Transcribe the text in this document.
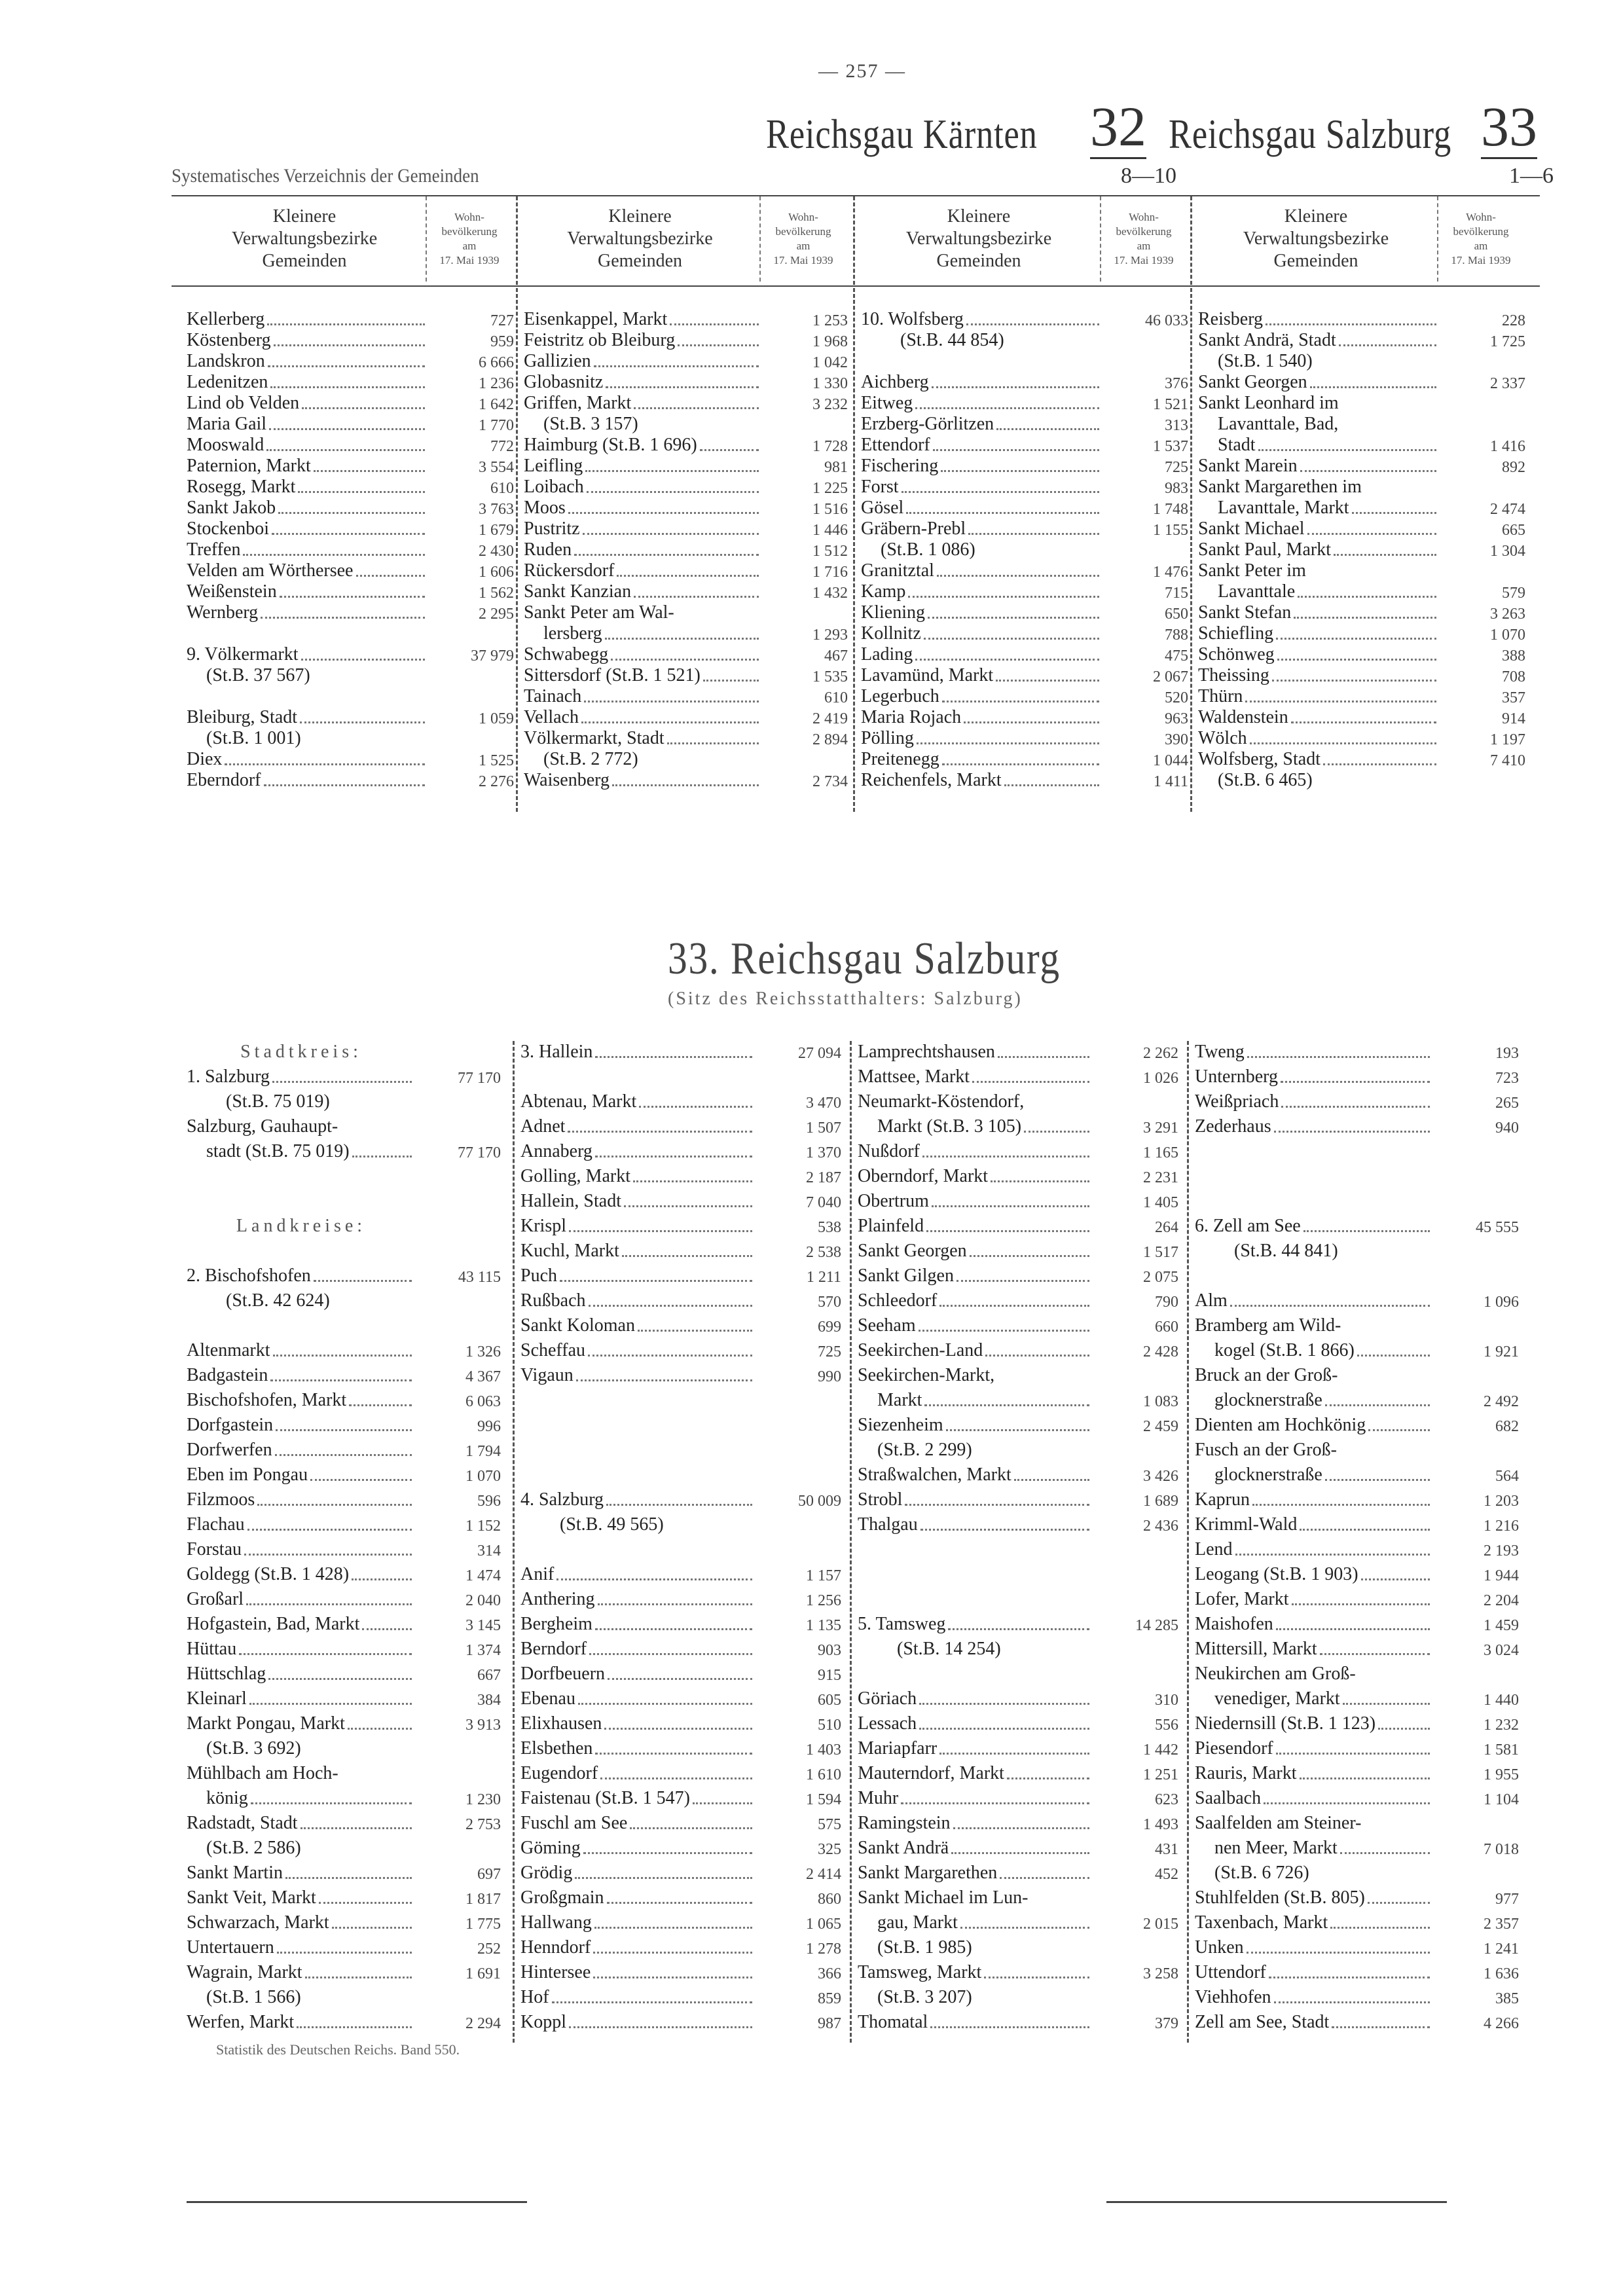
— 257 —
Reichsgau Kärnten 32
8—10
Reichsgau Salzburg 33
1—6
Systematisches Verzeichnis der Gemeinden
Kleinere
Verwaltungsbezirke
Gemeinden
Wohn-
bevölkerung
am
17. Mai 1939
Kleinere
Verwaltungsbezirke
Gemeinden
Wohn-
bevölkerung
am
17. Mai 1939
Kleinere
Verwaltungsbezirke
Gemeinden
Wohn-
bevölkerung
am
17. Mai 1939
Kleinere
Verwaltungsbezirke
Gemeinden
Wohn-
bevölkerung
am
17. Mai 1939
Kellerberg	727
Köstenberg	959
Landskron	6 666
Ledenitzen	1 236
Lind ob Velden	1 642
Maria Gail	1 770
Mooswald	772
Paternion, Markt	3 554
Rosegg, Markt	610
Sankt Jakob	3 763
Stockenboi	1 679
Treffen	2 430
Velden am Wörthersee	1 606
Weißenstein	1 562
Wernberg	2 295
9. Völkermarkt	37 979
(St.B. 37 567)
Bleiburg, Stadt	1 059
(St.B. 1 001)
Diex	1 525
Eberndorf	2 276
Eisenkappel, Markt	1 253
Feistritz ob Bleiburg	1 968
Gallizien	1 042
Globasnitz	1 330
Griffen, Markt	3 232
(St.B. 3 157)
Haimburg (St.B. 1 696)	1 728
Leifling	981
Loibach	1 225
Moos	1 516
Pustritz	1 446
Ruden	1 512
Rückersdorf	1 716
Sankt Kanzian	1 432
Sankt Peter am Wal-
lersberg	1 293
Schwabegg	467
Sittersdorf (St.B. 1 521)	1 535
Tainach	610
Vellach	2 419
Völkermarkt, Stadt	2 894
(St.B. 2 772)
Waisenberg	2 734
10. Wolfsberg	46 033
(St.B. 44 854)
Aichberg	376
Eitweg	1 521
Erzberg-Görlitzen	313
Ettendorf	1 537
Fischering	725
Forst	983
Gösel	1 748
Gräbern-Prebl	1 155
(St.B. 1 086)
Granitztal	1 476
Kamp	715
Kliening	650
Kollnitz	788
Lading	475
Lavamünd, Markt	2 067
Legerbuch	520
Maria Rojach	963
Pölling	390
Preitenegg	1 044
Reichenfels, Markt	1 411
Reisberg	228
Sankt Andrä, Stadt	1 725
(St.B. 1 540)
Sankt Georgen	2 337
Sankt Leonhard im
Lavanttale, Bad,
Stadt	1 416
Sankt Marein	892
Sankt Margarethen im
Lavanttale, Markt	2 474
Sankt Michael	665
Sankt Paul, Markt	1 304
Sankt Peter im
Lavanttale	579
Sankt Stefan	3 263
Schiefling	1 070
Schönweg	388
Theissing	708
Thürn	357
Waldenstein	914
Wölch	1 197
Wolfsberg, Stadt	7 410
(St.B. 6 465)
33. Reichsgau Salzburg
(Sitz des Reichsstatthalters: Salzburg)
Stadtkreis:
1. Salzburg	77 170
(St.B. 75 019)
Salzburg, Gauhaupt-
stadt (St.B. 75 019)	77 170
Landkreise:
2. Bischofshofen	43 115
(St.B. 42 624)
Altenmarkt	1 326
Badgastein	4 367
Bischofshofen, Markt	6 063
Dorfgastein	996
Dorfwerfen	1 794
Eben im Pongau	1 070
Filzmoos	596
Flachau	1 152
Forstau	314
Goldegg (St.B. 1 428)	1 474
Großarl	2 040
Hofgastein, Bad, Markt	3 145
Hüttau	1 374
Hüttschlag	667
Kleinarl	384
Markt Pongau, Markt	3 913
(St.B. 3 692)
Mühlbach am Hoch-
könig	1 230
Radstadt, Stadt	2 753
(St.B. 2 586)
Sankt Martin	697
Sankt Veit, Markt	1 817
Schwarzach, Markt	1 775
Untertauern	252
Wagrain, Markt	1 691
(St.B. 1 566)
Werfen, Markt	2 294
3. Hallein	27 094
Abtenau, Markt	3 470
Adnet	1 507
Annaberg	1 370
Golling, Markt	2 187
Hallein, Stadt	7 040
Krispl	538
Kuchl, Markt	2 538
Puch	1 211
Rußbach	570
Sankt Koloman	699
Scheffau	725
Vigaun	990
4. Salzburg	50 009
(St.B. 49 565)
Anif	1 157
Anthering	1 256
Bergheim	1 135
Berndorf	903
Dorfbeuern	915
Ebenau	605
Elixhausen	510
Elsbethen	1 403
Eugendorf	1 610
Faistenau (St.B. 1 547)	1 594
Fuschl am See	575
Göming	325
Grödig	2 414
Großgmain	860
Hallwang	1 065
Henndorf	1 278
Hintersee	366
Hof	859
Koppl	987
Lamprechtshausen	2 262
Mattsee, Markt	1 026
Neumarkt-Köstendorf,
Markt (St.B. 3 105)	3 291
Nußdorf	1 165
Oberndorf, Markt	2 231
Obertrum	1 405
Plainfeld	264
Sankt Georgen	1 517
Sankt Gilgen	2 075
Schleedorf	790
Seeham	660
Seekirchen-Land	2 428
Seekirchen-Markt,
Markt	1 083
Siezenheim	2 459
(St.B. 2 299)
Straßwalchen, Markt	3 426
Strobl	1 689
Thalgau	2 436
5. Tamsweg	14 285
(St.B. 14 254)
Göriach	310
Lessach	556
Mariapfarr	1 442
Mauterndorf, Markt	1 251
Muhr	623
Ramingstein	1 493
Sankt Andrä	431
Sankt Margarethen	452
Sankt Michael im Lun-
gau, Markt	2 015
(St.B. 1 985)
Tamsweg, Markt	3 258
(St.B. 3 207)
Thomatal	379
Tweng	193
Unternberg	723
Weißpriach	265
Zederhaus	940
6. Zell am See	45 555
(St.B. 44 841)
Alm	1 096
Bramberg am Wild-
kogel (St.B. 1 866)	1 921
Bruck an der Groß-
glocknerstraße	2 492
Dienten am Hochkönig	682
Fusch an der Groß-
glocknerstraße	564
Kaprun	1 203
Krimml-Wald	1 216
Lend	2 193
Leogang (St.B. 1 903)	1 944
Lofer, Markt	2 204
Maishofen	1 459
Mittersill, Markt	3 024
Neukirchen am Groß-
venediger, Markt	1 440
Niedernsill (St.B. 1 123)	1 232
Piesendorf	1 581
Rauris, Markt	1 955
Saalbach	1 104
Saalfelden am Steiner-
nen Meer, Markt	7 018
(St.B. 6 726)
Stuhlfelden (St.B. 805)	977
Taxenbach, Markt	2 357
Unken	1 241
Uttendorf	1 636
Viehhofen	385
Zell am See, Stadt	4 266
Statistik des Deutschen Reichs. Band 550.
